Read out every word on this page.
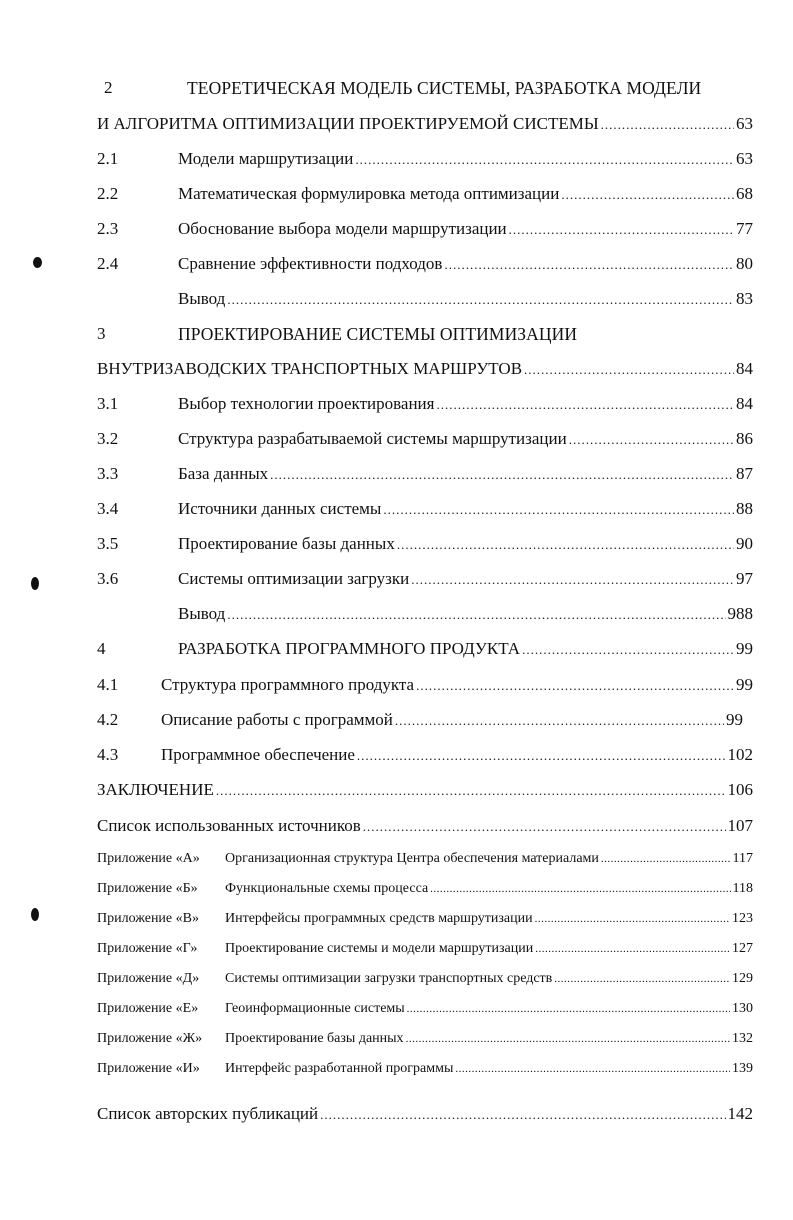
2	ТЕОРЕТИЧЕСКАЯ МОДЕЛЬ СИСТЕМЫ, РАЗРАБОТКА МОДЕЛИ
И АЛГОРИТМА ОПТИМИЗАЦИИ ПРОЕКТИРУЕМОЙ СИСТЕМЫ .....	63
2.1	Модели маршрутизации .....	63
2.2	Математическая формулировка метода оптимизации .....	68
2.3	Обоснование выбора модели маршрутизации .....	77
2.4	Сравнение эффективности подходов .....	80
Вывод .....	83
3	ПРОЕКТИРОВАНИЕ СИСТЕМЫ ОПТИМИЗАЦИИ
ВНУТРИЗАВОДСКИХ ТРАНСПОРТНЫХ МАРШРУТОВ .....	84
3.1	Выбор технологии проектирования .....	84
3.2	Структура разрабатываемой системы маршрутизации .....	86
3.3	База данных .....	87
3.4	Источники данных системы .....	88
3.5	Проектирование базы данных .....	90
3.6	Системы оптимизации загрузки .....	97
Вывод .....	988
4	РАЗРАБОТКА ПРОГРАММНОГО ПРОДУКТА .....	99
4.1	Структура программного продукта .....	99
4.2	Описание работы с программой .....	99
4.3	Программное обеспечение .....	102
ЗАКЛЮЧЕНИЕ .....	106
Список использованных источников .....	107
Приложение «А»	Организационная структура Центра обеспечения материалами .....	117
Приложение «Б»	Функциональные схемы процесса .....	118
Приложение «В»	Интерфейсы программных средств маршрутизации .....	123
Приложение «Г»	Проектирование системы и модели маршрутизации .....	127
Приложение «Д»	Системы оптимизации загрузки транспортных средств .....	129
Приложение «Е»	Геоинформационные системы .....	130
Приложение «Ж»	Проектирование базы данных .....	132
Приложение «И»	Интерфейс разработанной программы .....	139
Список авторских публикаций .....	142
